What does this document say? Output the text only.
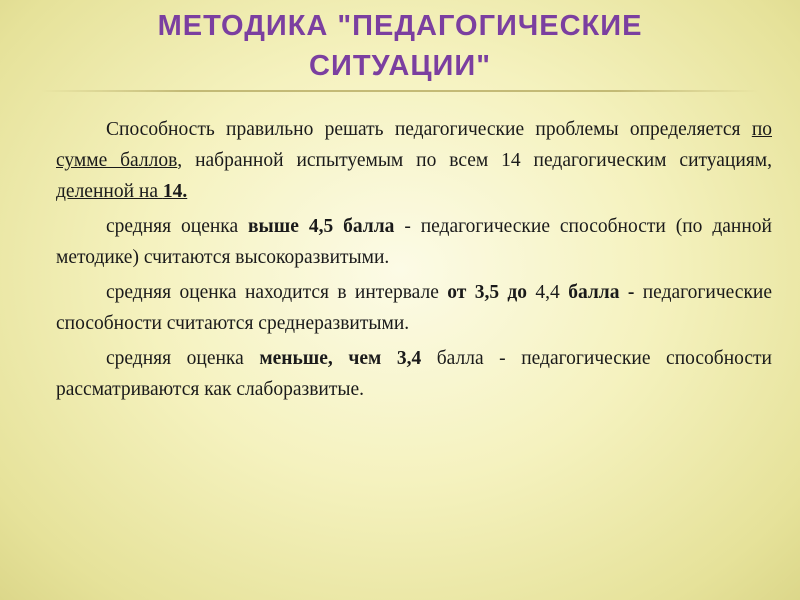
МЕТОДИКА "ПЕДАГОГИЧЕСКИЕ
СИТУАЦИИ"

Способность правильно решать педагогические проблемы определяется по сумме баллов, набранной испытуемым по всем 14 педагогическим ситуациям, деленной на 14.

средняя оценка выше 4,5 балла - педагогические способности (по данной методике) считаются высокоразвитыми.

средняя оценка находится в интервале от 3,5 до 4,4 балла - педагогические способности считаются среднеразвитыми.

средняя оценка меньше, чем 3,4 балла - педагогические способности рассматриваются как слаборазвитые.
